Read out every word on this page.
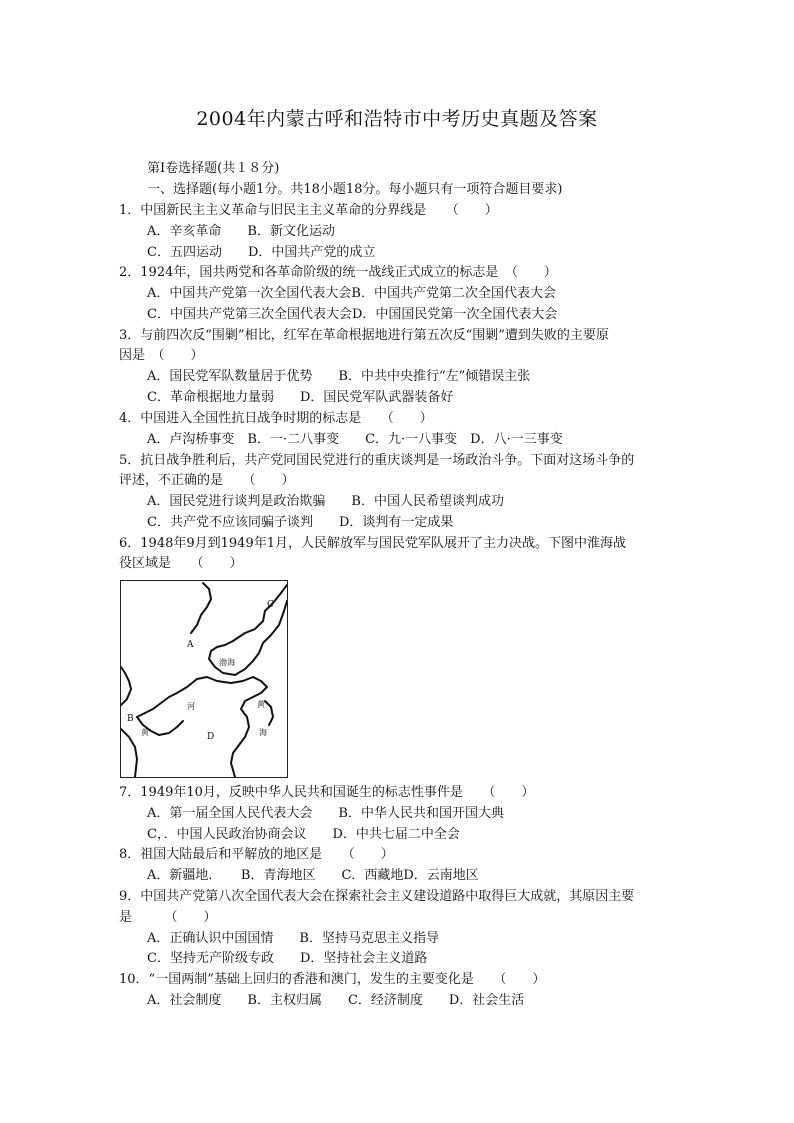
2004年内蒙古呼和浩特市中考历史真题及答案
第Ⅰ卷选择题(共１８分)
一、选择题(每小题1分。共18小题18分。每小题只有一项符合题目要求)
1．中国新民主主义革命与旧民主主义革命的分界线是　　（　　）
A．辛亥革命　　B．新文化运动
C．五四运动　　D．中国共产党的成立
2．1924年，国共两党和各革命阶级的统一战线正式成立的标志是　（　　）
A．中国共产党第一次全国代表大会B．中国共产党第二次全国代表大会
C．中国共产党第三次全国代表大会D．中国国民党第一次全国代表大会
3．与前四次反“围剿”相比，红军在革命根据地进行第五次反“围剿”遭到失败的主要原
因是　（　　）
A．国民党军队数量居于优势　　B．中共中央推行“左”倾错误主张
C．革命根据地力量弱　　D．国民党军队武器装备好
4．中国进入全国性抗日战争时期的标志是　　（　　）
A．卢沟桥事变　B．一·二八事变　　C．九·一八事变　D．八·一三事变
5．抗日战争胜利后，共产党同国民党进行的重庆谈判是一场政治斗争。下面对这场斗争的
评述，不正确的是　　（　　）
A．国民党进行谈判是政治欺骗　　B．中国人民希望谈判成功
C．共产党不应该同骗子谈判　　D．谈判有一定成果
6．1948年9月到1949年1月，人民解放军与国民党军队展开了主力决战。下图中淮海战
役区域是　　（　　）
C
A
渤海
B
河	黄
D
黄	海
7．1949年10月，反映中华人民共和国诞生的标志性事件是　　（　　）
A．第一届全国人民代表大会　　B．中华人民共和国开国大典
C，．中国人民政治协商会议　　D．中共七届二中全会
8．祖国大陆最后和平解放的地区是　　（　　）
A．新疆地．　　B．青海地区　　C．西藏地D．云南地区
9．中国共产党第八次全国代表大会在探索社会主义建设道路中取得巨大成就，其原因主要
是　　　（　　）
A．正确认识中国国情　　B．坚持马克思主义指导
C．坚持无产阶级专政　　D．坚持社会主义道路
10．“一国两制”基础上回归的香港和澳门，发生的主要变化是　　（　　）
A．社会制度　　B．主权归属　　C．经济制度　　D．社会生活
